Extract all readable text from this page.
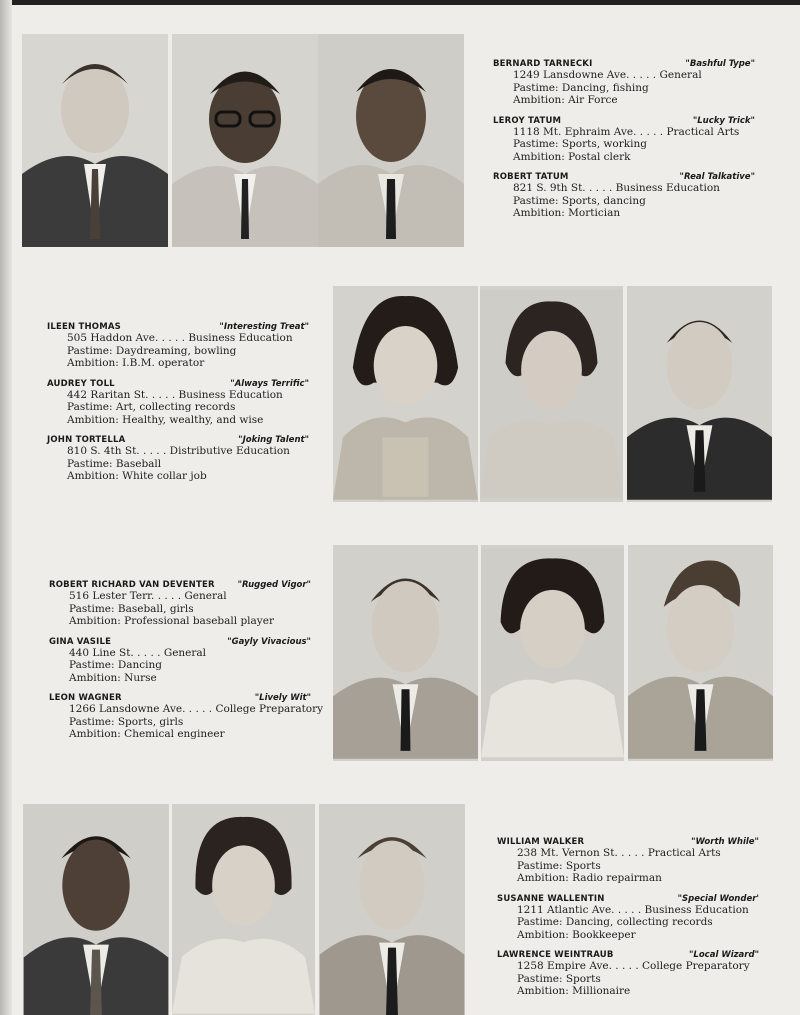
BERNARD TARNECKI	"Bashful Type"
1249 Lansdowne Ave. . . . . General
Pastime: Dancing, fishing
Ambition: Air Force
LEROY TATUM	"Lucky Trick"
1118 Mt. Ephraim Ave. . . . . Practical Arts
Pastime: Sports, working
Ambition: Postal clerk
ROBERT TATUM	"Real Talkative"
821 S. 9th St. . . . . Business Education
Pastime: Sports, dancing
Ambition: Mortician
ILEEN THOMAS	"Interesting Treat"
505 Haddon Ave. . . . . Business Education
Pastime: Daydreaming, bowling
Ambition: I.B.M. operator
AUDREY TOLL	"Always Terrific"
442 Raritan St. . . . . Business Education
Pastime: Art, collecting records
Ambition: Healthy, wealthy, and wise
JOHN TORTELLA	"Joking Talent"
810 S. 4th St. . . . . Distributive Education
Pastime: Baseball
Ambition: White collar job
ROBERT RICHARD VAN DEVENTER	"Rugged Vigor"
516 Lester Terr. . . . . General
Pastime: Baseball, girls
Ambition: Professional baseball player
GINA VASILE	"Gayly Vivacious"
440 Line St. . . . . General
Pastime: Dancing
Ambition: Nurse
LEON WAGNER	"Lively Wit"
1266 Lansdowne Ave. . . . . College Preparatory
Pastime: Sports, girls
Ambition: Chemical engineer
WILLIAM WALKER	"Worth While"
238 Mt. Vernon St. . . . . Practical Arts
Pastime: Sports
Ambition: Radio repairman
SUSANNE WALLENTIN	"Special Wonder'
1211 Atlantic Ave. . . . . Business Education
Pastime: Dancing, collecting records
Ambition: Bookkeeper
LAWRENCE WEINTRAUB	"Local Wizard"
1258 Empire Ave. . . . . College Preparatory
Pastime: Sports
Ambition: Millionaire
